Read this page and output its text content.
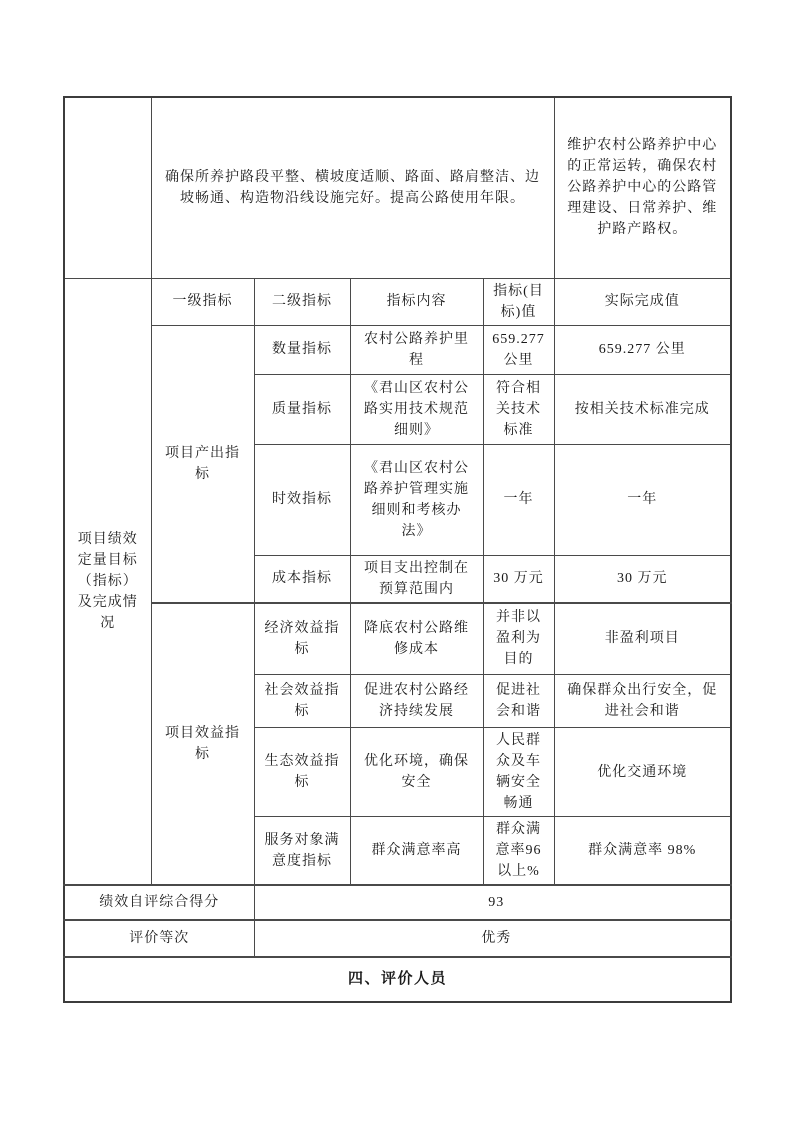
	确保所养护路段平整、横坡度适顺、路面、路肩整洁、边坡畅通、构造物沿线设施完好。提高公路使用年限。				维护农村公路养护中心的正常运转，确保农村公路养护中心的公路管理建设、日常养护、维护路产路权。
项目绩效定量目标（指标）及完成情况	一级指标	二级指标	指标内容	指标(目标)值	实际完成值
	项目产出指标	数量指标	农村公路养护里程	659.277 公里	659.277 公里
		质量指标	《君山区农村公路实用技术规范细则》	符合相关技术标准	按相关技术标准完成
		时效指标	《君山区农村公路养护管理实施细则和考核办法》	一年	一年
		成本指标	项目支出控制在预算范围内	30 万元	30 万元
	项目效益指标	经济效益指标	降底农村公路维修成本	并非以盈利为目的	非盈利项目
		社会效益指标	促进农村公路经济持续发展	促进社会和谐	确保群众出行安全，促进社会和谐
		生态效益指标	优化环境，确保安全	人民群众及车辆安全畅通	优化交通环境
		服务对象满意度指标	群众满意率高	群众满意率96以上%	群众满意率 98%
绩效自评综合得分		93			
评价等次		优秀			
四、评价人员					
